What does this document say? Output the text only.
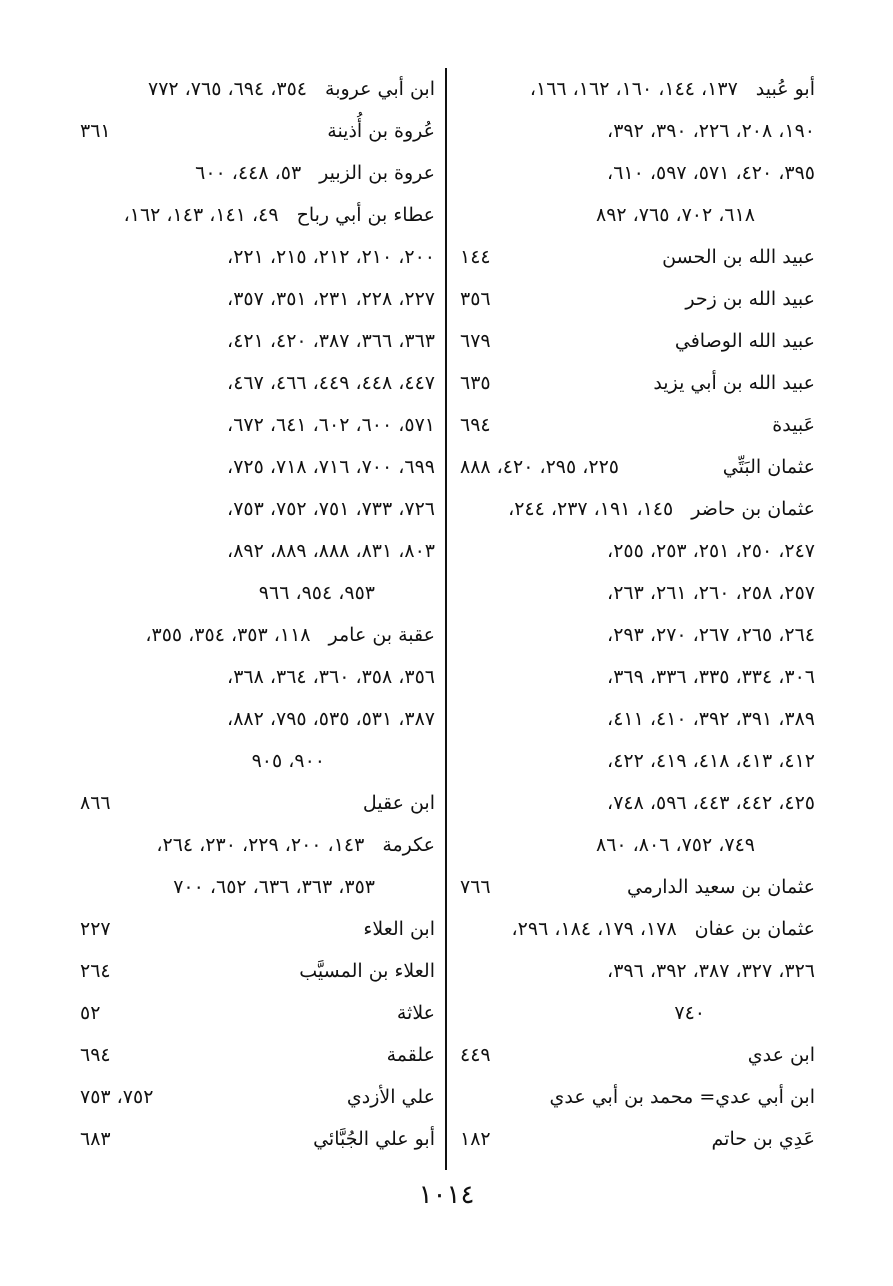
أبو عُبيد
١٣٧، ١٤٤، ١٦٠، ١٦٢، ١٦٦،
١٩٠، ٢٠٨، ٢٢٦، ٣٩٠، ٣٩٢،
٣٩٥، ٤٢٠، ٥٧١، ٥٩٧، ٦١٠،
٦١٨، ٧٠٢، ٧٦٥، ٨٩٢
عبيد الله بن الحسن
١٤٤
عبيد الله بن زحر
٣٥٦
عبيد الله الوصافي
٦٧٩
عبيد الله بن أبي يزيد
٦٣٥
عَبيدة
٦٩٤
عثمان البَتِّي
٢٢٥، ٢٩٥، ٤٢٠، ٨٨٨
عثمان بن حاضر
١٤٥، ١٩١، ٢٣٧، ٢٤٤،
٢٤٧، ٢٥٠، ٢٥١، ٢٥٣، ٢٥٥،
٢٥٧، ٢٥٨، ٢٦٠، ٢٦١، ٢٦٣،
٢٦٤، ٢٦٥، ٢٦٧، ٢٧٠، ٢٩٣،
٣٠٦، ٣٣٤، ٣٣٥، ٣٣٦، ٣٦٩،
٣٨٩، ٣٩١، ٣٩٢، ٤١٠، ٤١١،
٤١٢، ٤١٣، ٤١٨، ٤١٩، ٤٢٢،
٤٢٥، ٤٤٢، ٤٤٣، ٥٩٦، ٧٤٨،
٧٤٩، ٧٥٢، ٨٠٦، ٨٦٠
عثمان بن سعيد الدارمي
٧٦٦
عثمان بن عفان
١٧٨، ١٧٩، ١٨٤، ٢٩٦،
٣٢٦، ٣٢٧، ٣٨٧، ٣٩٢، ٣٩٦،
٧٤٠
ابن عدي
٤٤٩
ابن أبي عدي= محمد بن أبي عدي
عَدِي بن حاتم
١٨٢
ابن أبي عروبة
٣٥٤، ٦٩٤، ٧٦٥، ٧٧٢
عُروة بن أُذينة
٣٦١
عروة بن الزبير
٥٣، ٤٤٨، ٦٠٠
عطاء بن أبي رباح
٤٩، ١٤١، ١٤٣، ١٦٢،
٢٠٠، ٢١٠، ٢١٢، ٢١٥، ٢٢١،
٢٢٧، ٢٢٨، ٢٣١، ٣٥١، ٣٥٧،
٣٦٣، ٣٦٦، ٣٨٧، ٤٢٠، ٤٢١،
٤٤٧، ٤٤٨، ٤٤٩، ٤٦٦، ٤٦٧،
٥٧١، ٦٠٠، ٦٠٢، ٦٤١، ٦٧٢،
٦٩٩، ٧٠٠، ٧١٦، ٧١٨، ٧٢٥،
٧٢٦، ٧٣٣، ٧٥١، ٧٥٢، ٧٥٣،
٨٠٣، ٨٣١، ٨٨٨، ٨٨٩، ٨٩٢،
٩٥٣، ٩٥٤، ٩٦٦
عقبة بن عامر
١١٨، ٣٥٣، ٣٥٤، ٣٥٥،
٣٥٦، ٣٥٨، ٣٦٠، ٣٦٤، ٣٦٨،
٣٨٧، ٥٣١، ٥٣٥، ٧٩٥، ٨٨٢،
٩٠٠، ٩٠٥
ابن عقيل
٨٦٦
عكرمة
١٤٣، ٢٠٠، ٢٢٩، ٢٣٠، ٢٦٤،
٣٥٣، ٣٦٣، ٦٣٦، ٦٥٢، ٧٠٠
ابن العلاء
٢٢٧
العلاء بن المسيَّب
٢٦٤
علاثة
٥٢
علقمة
٦٩٤
علي الأزدي
٧٥٢، ٧٥٣
أبو علي الجُبَّائي
٦٨٣
١٠١٤
